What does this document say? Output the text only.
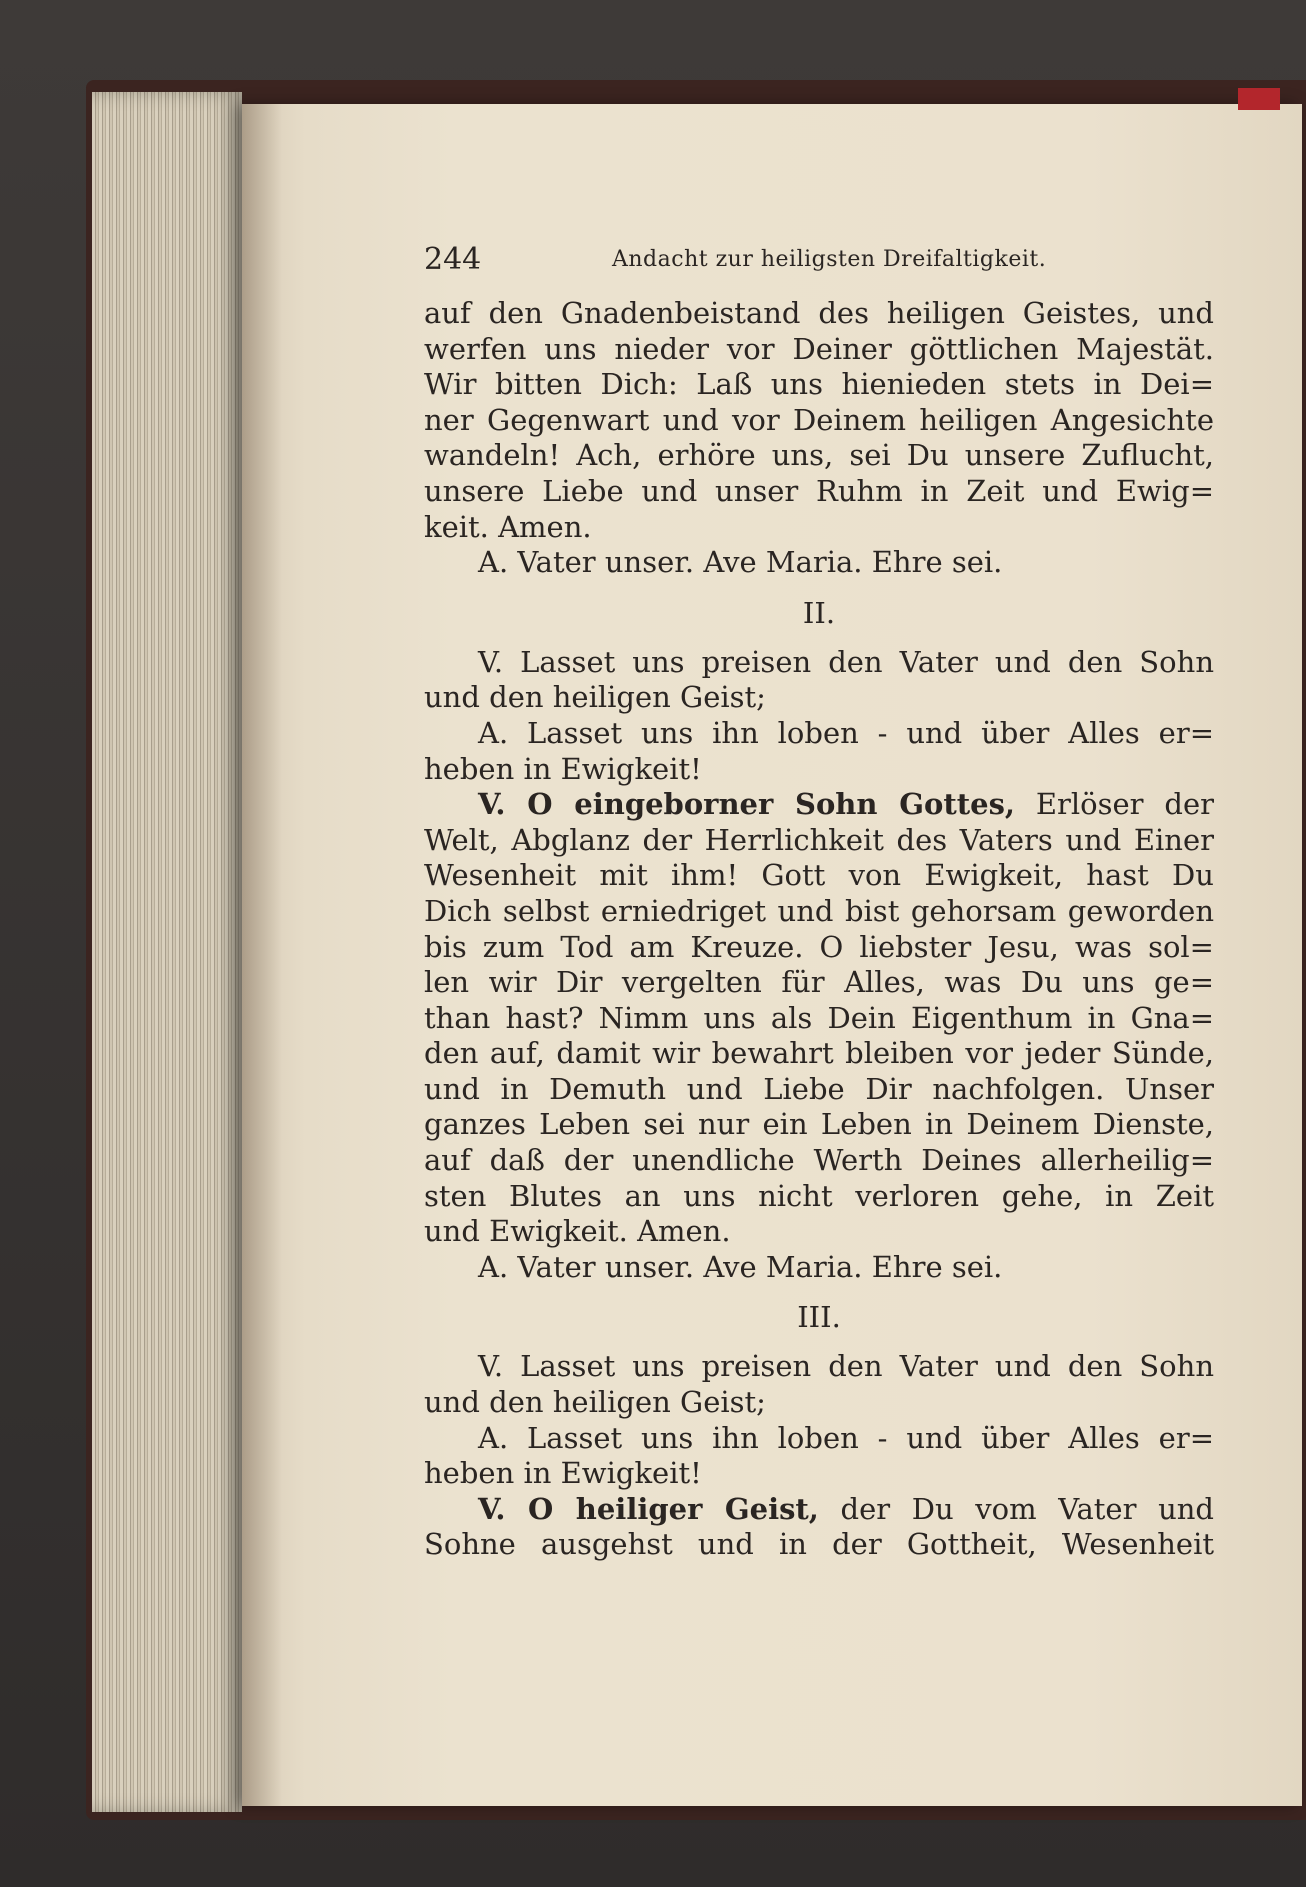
244	Andacht zur heiligsten Dreifaltigkeit.
auf den Gnadenbeistand des heiligen Geistes, und
werfen uns nieder vor Deiner göttlichen Majestät.
Wir bitten Dich: Laß uns hienieden stets in Dei=
ner Gegenwart und vor Deinem heiligen Angesichte
wandeln! Ach, erhöre uns, sei Du unsere Zuflucht,
unsere Liebe und unser Ruhm in Zeit und Ewig=
keit. Amen.
A. Vater unser. Ave Maria. Ehre sei.
II.
V. Lasset uns preisen den Vater und den Sohn
und den heiligen Geist;
A. Lasset uns ihn loben - und über Alles er=
heben in Ewigkeit!
V. O eingeborner Sohn Gottes, Erlöser der
Welt, Abglanz der Herrlichkeit des Vaters und Einer
Wesenheit mit ihm! Gott von Ewigkeit, hast Du
Dich selbst erniedriget und bist gehorsam geworden
bis zum Tod am Kreuze. O liebster Jesu, was sol=
len wir Dir vergelten für Alles, was Du uns ge=
than hast? Nimm uns als Dein Eigenthum in Gna=
den auf, damit wir bewahrt bleiben vor jeder Sünde,
und in Demuth und Liebe Dir nachfolgen. Unser
ganzes Leben sei nur ein Leben in Deinem Dienste,
auf daß der unendliche Werth Deines allerheilig=
sten Blutes an uns nicht verloren gehe, in Zeit
und Ewigkeit. Amen.
A. Vater unser. Ave Maria. Ehre sei.
III.
V. Lasset uns preisen den Vater und den Sohn
und den heiligen Geist;
A. Lasset uns ihn loben - und über Alles er=
heben in Ewigkeit!
V. O heiliger Geist, der Du vom Vater und
Sohne ausgehst und in der Gottheit, Wesenheit
